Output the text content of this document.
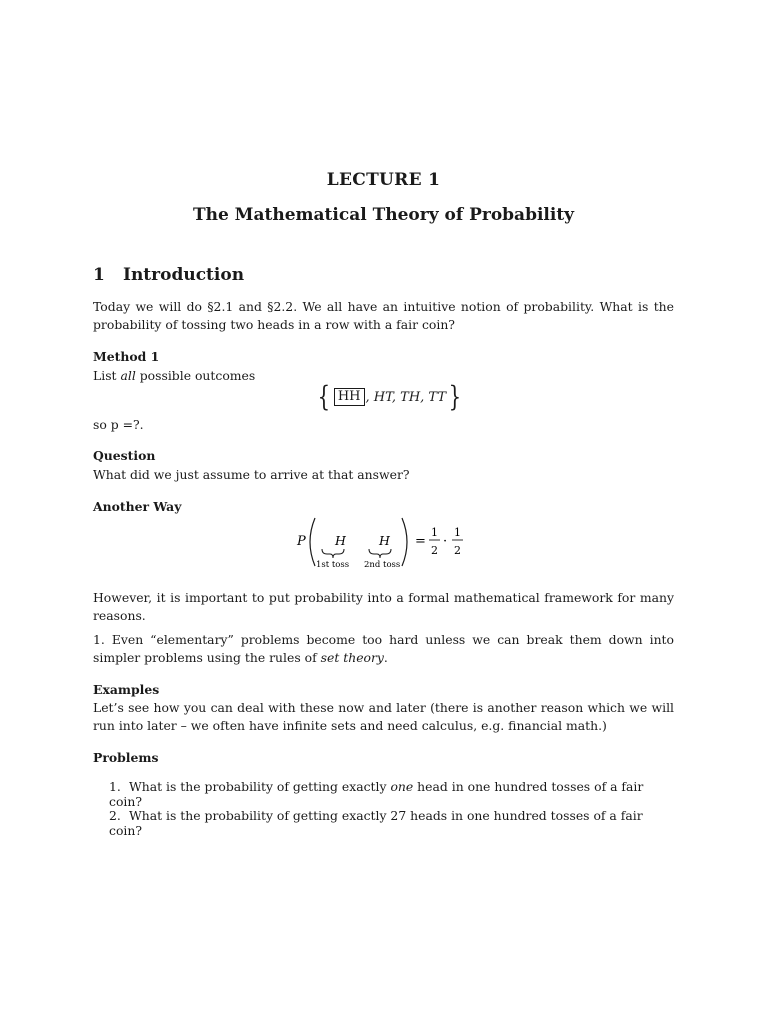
LECTURE 1
The Mathematical Theory of Probability
1 Introduction
Today we will do §2.1 and §2.2. We all have an intuitive notion of probability. What is the probability of tossing two heads in a row with a fair coin?
Method 1
List all possible outcomes
{ HH , HT, TH, TT }
so p =?.
Question
What did we just assume to arrive at that answer?
Another Way
P H
1st toss
H
2nd toss
=
1
2
·
1
2
However, it is important to put probability into a formal mathematical framework for many reasons.
1. Even “elementary” problems become too hard unless we can break them down into simpler problems using the rules of set theory.
Examples
Let’s see how you can deal with these now and later (there is another reason which we will run into later – we often have infinite sets and need calculus, e.g. financial math.)
Problems
1. What is the probability of getting exactly one head in one hundred tosses of a fair coin?
2. What is the probability of getting exactly 27 heads in one hundred tosses of a fair coin?
